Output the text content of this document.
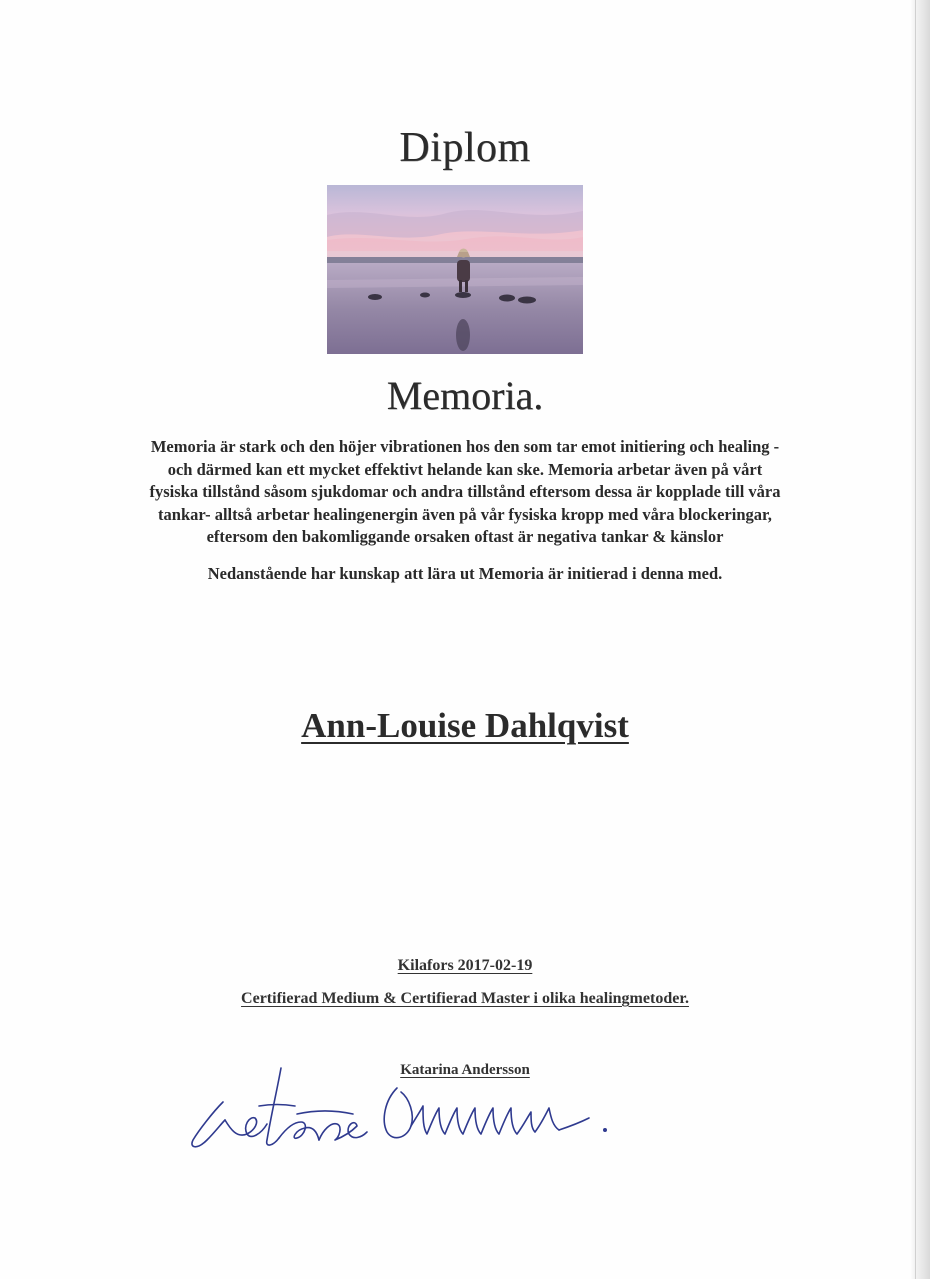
Diplom
Memoria.
Memoria är stark och den höjer vibrationen hos den som tar emot initiering och healing -
och därmed kan ett mycket effektivt helande kan ske. Memoria arbetar även på vårt
fysiska tillstånd såsom sjukdomar och andra tillstånd eftersom dessa är kopplade till våra
tankar- alltså arbetar healingenergin även på vår fysiska kropp med våra blockeringar,
eftersom den bakomliggande orsaken oftast är negativa tankar & känslor
Nedanstående har kunskap att lära ut Memoria är initierad i denna med.
Ann-Louise Dahlqvist
Kilafors 2017-02-19
Certifierad Medium & Certifierad Master i olika healingmetoder.
Katarina Andersson
